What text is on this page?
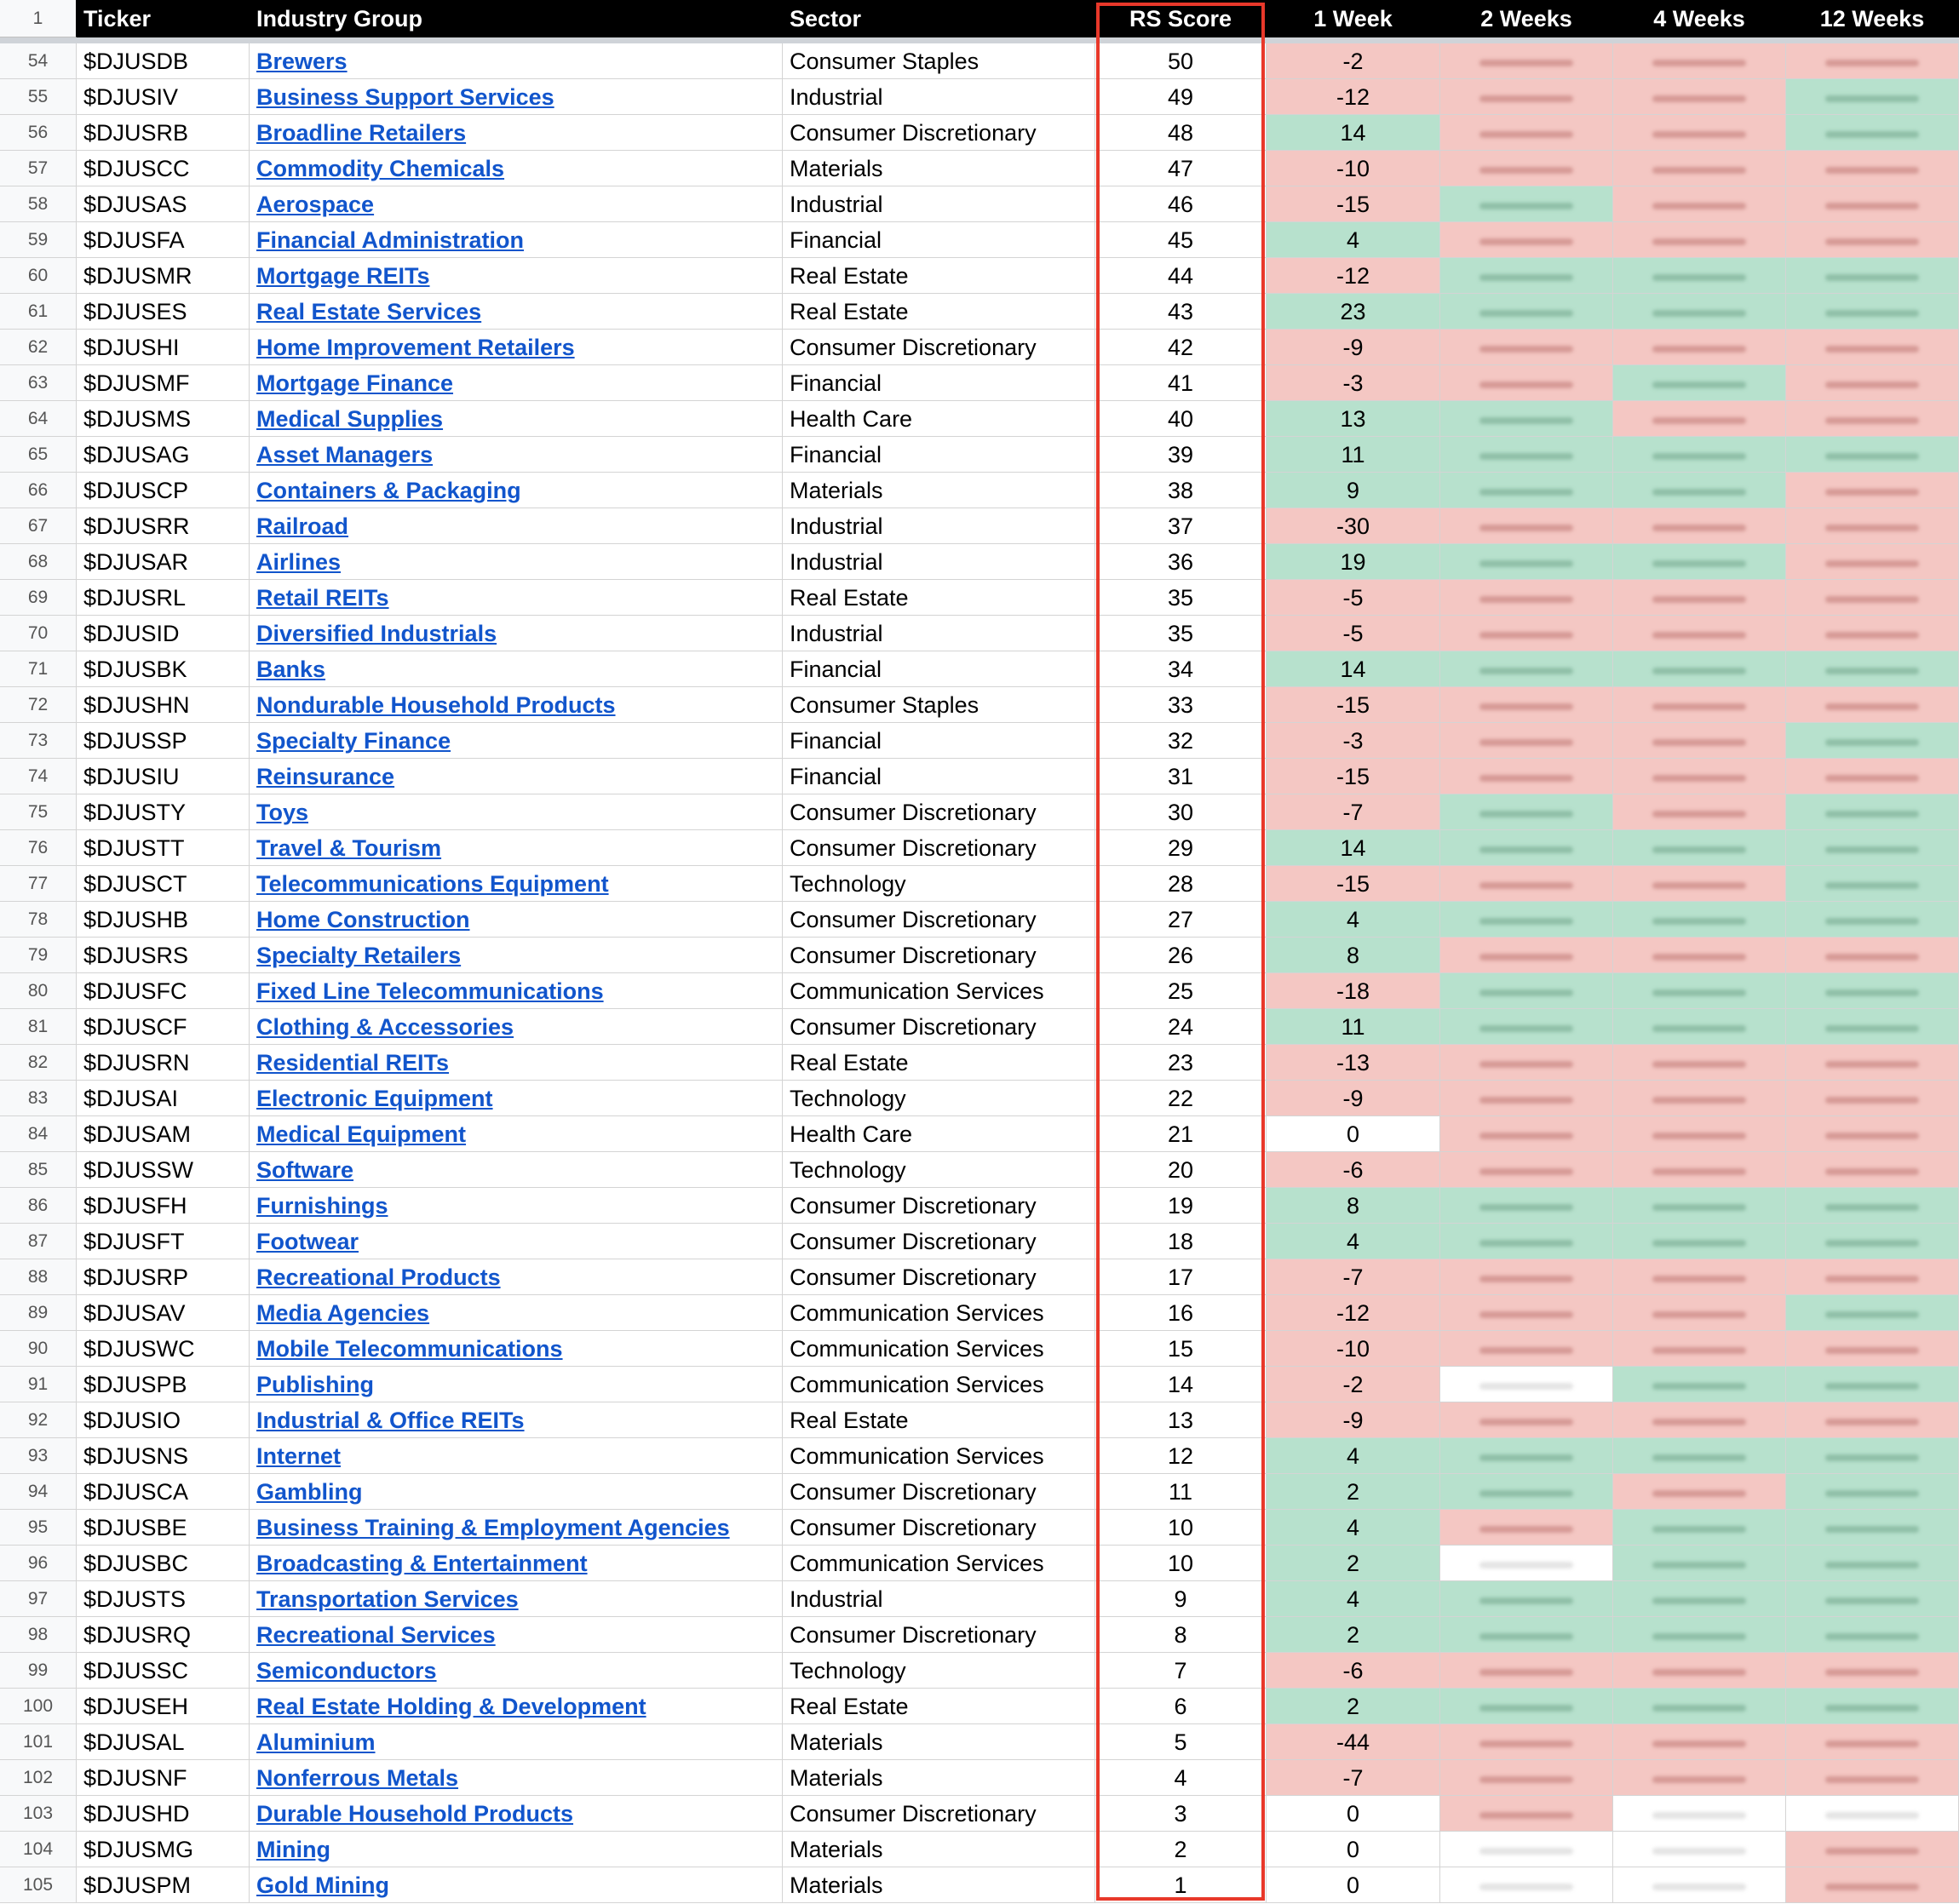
1	Ticker	Industry Group	Sector	RS Score	1 Week	2 Weeks	4 Weeks	12 Weeks
54	$DJUSDB	Brewers	Consumer Staples	50	-2
55	$DJUSIV	Business Support Services	Industrial	49	-12
56	$DJUSRB	Broadline Retailers	Consumer Discretionary	48	14
57	$DJUSCC	Commodity Chemicals	Materials	47	-10
58	$DJUSAS	Aerospace	Industrial	46	-15
59	$DJUSFA	Financial Administration	Financial	45	4
60	$DJUSMR	Mortgage REITs	Real Estate	44	-12
61	$DJUSES	Real Estate Services	Real Estate	43	23
62	$DJUSHI	Home Improvement Retailers	Consumer Discretionary	42	-9
63	$DJUSMF	Mortgage Finance	Financial	41	-3
64	$DJUSMS	Medical Supplies	Health Care	40	13
65	$DJUSAG	Asset Managers	Financial	39	11
66	$DJUSCP	Containers & Packaging	Materials	38	9
67	$DJUSRR	Railroad	Industrial	37	-30
68	$DJUSAR	Airlines	Industrial	36	19
69	$DJUSRL	Retail REITs	Real Estate	35	-5
70	$DJUSID	Diversified Industrials	Industrial	35	-5
71	$DJUSBK	Banks	Financial	34	14
72	$DJUSHN	Nondurable Household Products	Consumer Staples	33	-15
73	$DJUSSP	Specialty Finance	Financial	32	-3
74	$DJUSIU	Reinsurance	Financial	31	-15
75	$DJUSTY	Toys	Consumer Discretionary	30	-7
76	$DJUSTT	Travel & Tourism	Consumer Discretionary	29	14
77	$DJUSCT	Telecommunications Equipment	Technology	28	-15
78	$DJUSHB	Home Construction	Consumer Discretionary	27	4
79	$DJUSRS	Specialty Retailers	Consumer Discretionary	26	8
80	$DJUSFC	Fixed Line Telecommunications	Communication Services	25	-18
81	$DJUSCF	Clothing & Accessories	Consumer Discretionary	24	11
82	$DJUSRN	Residential REITs	Real Estate	23	-13
83	$DJUSAI	Electronic Equipment	Technology	22	-9
84	$DJUSAM	Medical Equipment	Health Care	21	0
85	$DJUSSW	Software	Technology	20	-6
86	$DJUSFH	Furnishings	Consumer Discretionary	19	8
87	$DJUSFT	Footwear	Consumer Discretionary	18	4
88	$DJUSRP	Recreational Products	Consumer Discretionary	17	-7
89	$DJUSAV	Media Agencies	Communication Services	16	-12
90	$DJUSWC	Mobile Telecommunications	Communication Services	15	-10
91	$DJUSPB	Publishing	Communication Services	14	-2
92	$DJUSIO	Industrial & Office REITs	Real Estate	13	-9
93	$DJUSNS	Internet	Communication Services	12	4
94	$DJUSCA	Gambling	Consumer Discretionary	11	2
95	$DJUSBE	Business Training & Employment Agencies	Consumer Discretionary	10	4
96	$DJUSBC	Broadcasting & Entertainment	Communication Services	10	2
97	$DJUSTS	Transportation Services	Industrial	9	4
98	$DJUSRQ	Recreational Services	Consumer Discretionary	8	2
99	$DJUSSC	Semiconductors	Technology	7	-6
100	$DJUSEH	Real Estate Holding & Development	Real Estate	6	2
101	$DJUSAL	Aluminium	Materials	5	-44
102	$DJUSNF	Nonferrous Metals	Materials	4	-7
103	$DJUSHD	Durable Household Products	Consumer Discretionary	3	0
104	$DJUSMG	Mining	Materials	2	0
105	$DJUSPM	Gold Mining	Materials	1	0
